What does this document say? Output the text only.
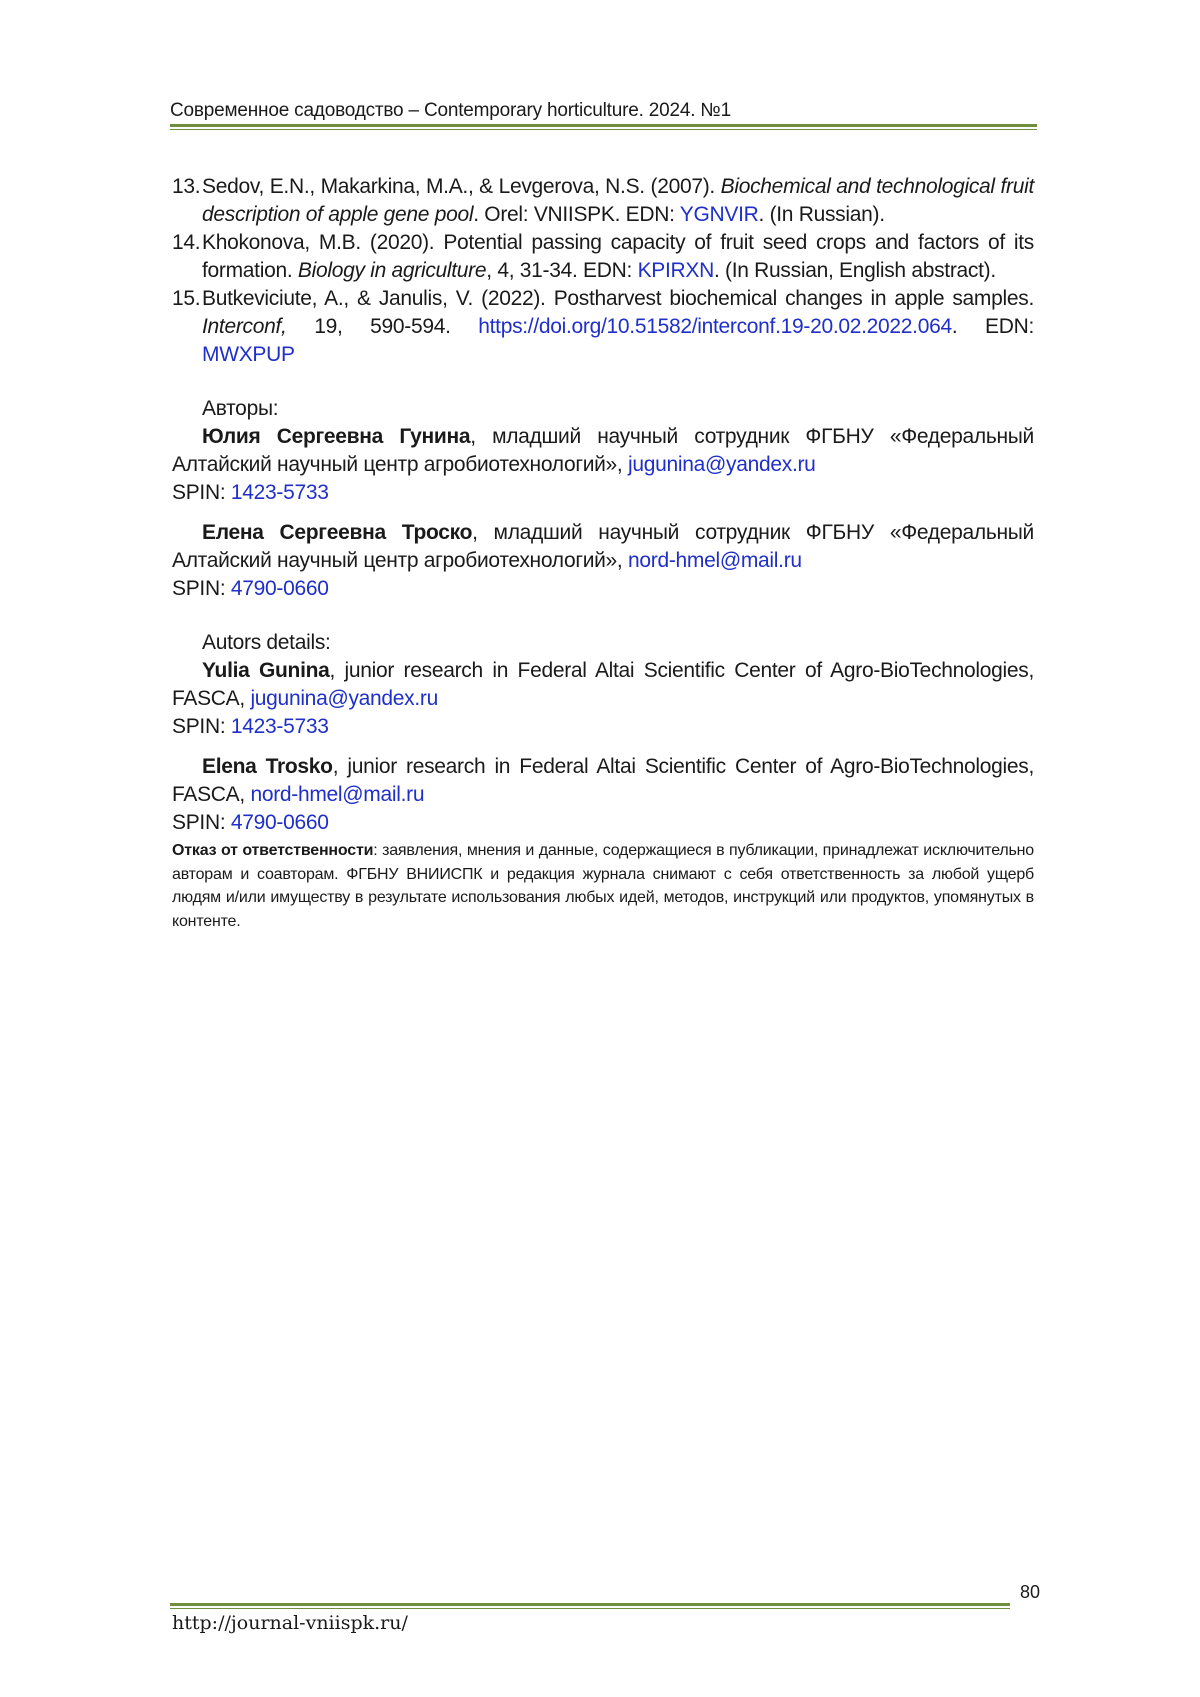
Современное садоводство – Contemporary horticulture. 2024. №1
13. Sedov, E.N., Makarkina, M.A., & Levgerova, N.S. (2007). Biochemical and technological fruit description of apple gene pool. Orel: VNIISPK. EDN: YGNVIR. (In Russian).
14. Khokonova, M.B. (2020). Potential passing capacity of fruit seed crops and factors of its formation. Biology in agriculture, 4, 31-34. EDN: KPIRXN. (In Russian, English abstract).
15. Butkeviciute, A., & Janulis, V. (2022). Postharvest biochemical changes in apple samples. Interconf, 19, 590-594. https://doi.org/10.51582/interconf.19-20.02.2022.064. EDN: MWXPUP

Авторы:

Юлия Сергеевна Гунина, младший научный сотрудник ФГБНУ «Федеральный Алтайский научный центр агробиотехнологий», jugunina@yandex.ru

SPIN: 1423-5733

Елена Сергеевна Троско, младший научный сотрудник ФГБНУ «Федеральный Алтайский научный центр агробиотехнологий», nord-hmel@mail.ru

SPIN: 4790-0660

Autors details:

Yulia Gunina, junior research in Federal Altai Scientific Center of Agro-BioTechnologies, FASCA, jugunina@yandex.ru

SPIN: 1423-5733

Elena Trosko, junior research in Federal Altai Scientific Center of Agro-BioTechnologies, FASCA, nord-hmel@mail.ru

SPIN: 4790-0660

Отказ от ответственности: заявления, мнения и данные, содержащиеся в публикации, принадлежат исключительно авторам и соавторам. ФГБНУ ВНИИСПК и редакция журнала снимают с себя ответственность за любой ущерб людям и/или имуществу в результате использования любых идей, методов, инструкций или продуктов, упомянутых в контенте.
80
http://journal-vniispk.ru/
